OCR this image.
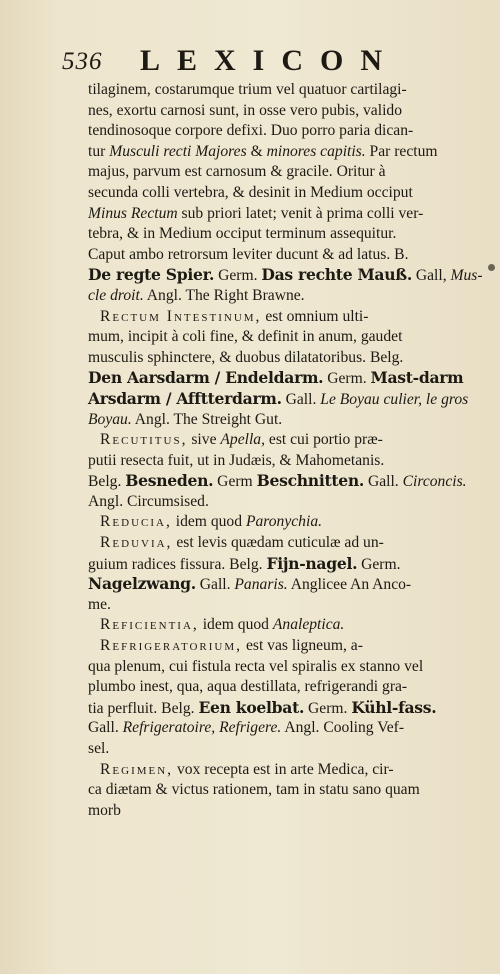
536 LEXICON
tilaginem, costarumque trium vel quatuor cartilagi-
nes, exortu carnosi sunt, in osse vero pubis, valido
tendinosoque corpore defixi. Duo porro paria dican-
tur Musculi recti Majores & minores capitis. Par rectum
majus, parvum est carnosum & gracile. Oritur à
secunda colli vertebra, & desinit in Medium occiput
Minus Rectum sub priori latet; venit à prima colli ver-
tebra, & in Medium occiput terminum assequitur.
Caput ambo retrorsum leviter ducunt & ad latus. B.
De regte Spier. Germ. Das rechte Mauß. Gall, Mus-
cle droit. Angl. The Right Brawne.
Rectum Intestinum, est omnium ulti-
mum, incipit à coli fine, & definit in anum, gaudet
musculis sphinctere, & duobus dilatatoribus. Belg.
Den Aarsdarm / Endeldarm. Germ. Mast-darm
Arsdarm / Afftterdarm. Gall. Le Boyau culier, le gros
Boyau. Angl. The Streight Gut.
Recutitus, sive Apella, est cui portio præ-
putii resecta fuit, ut in Judæis, & Mahometanis.
Belg. Besneden. Germ Beschnitten. Gall. Circoncis.
Angl. Circumsised.
Reducia, idem quod Paronychia.
Reduvia, est levis quædam cuticulæ ad un-
guium radices fissura. Belg. Fijn-nagel. Germ.
Nagelzwang. Gall. Panaris. Anglicee An Anco-
me.
Reficientia, idem quod Analeptica.
Refrigeratorium, est vas ligneum, a-
qua plenum, cui fistula recta vel spiralis ex stanno vel
plumbo inest, qua, aqua destillata, refrigerandi gra-
tia perfluit. Belg. Een koelbat. Germ. Kühl-fass.
Gall. Refrigeratoire, Refrigere. Angl. Cooling Vef-
sel.
Regimen, vox recepta est in arte Medica, cir-
ca diætam & victus rationem, tam in statu sano quam
morb
